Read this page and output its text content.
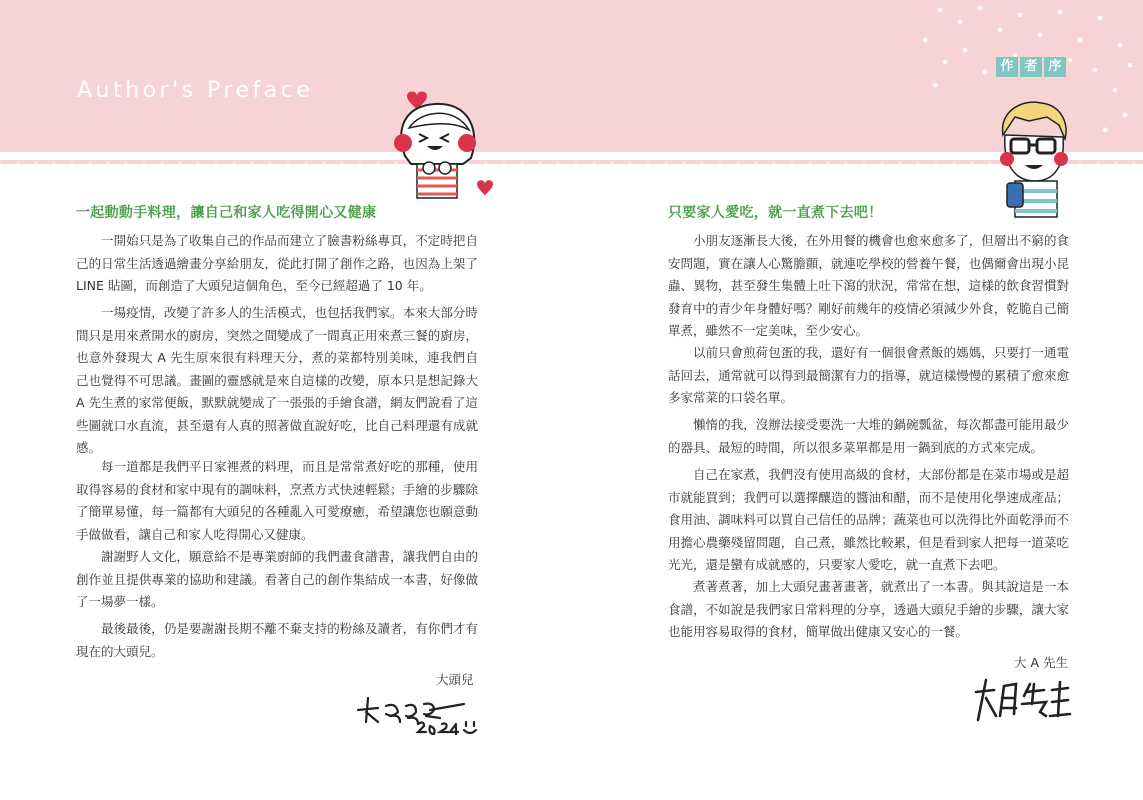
Author's Preface
作 者 序
一起動動手料理，讓自己和家人吃得開心又健康

一開始只是為了收集自己的作品而建立了臉書粉絲專頁，不定時把自己的日常生活透過繪畫分享給朋友，從此打開了創作之路，也因為上架了 LINE 貼圖，而創造了大頭兒這個角色，至今已經超過了 10 年。

一場疫情，改變了許多人的生活模式，也包括我們家。本來大部分時間只是用來煮開水的廚房，突然之間變成了一間真正用來煮三餐的廚房，也意外發現大 A 先生原來很有料理天分，煮的菜都特別美味，連我們自己也覺得不可思議。畫圖的靈感就是來自這樣的改變，原本只是想記錄大 A 先生煮的家常便飯，默默就變成了一張張的手繪食譜，網友們說看了這些圖就口水直流，甚至還有人真的照著做直說好吃，比自己料理還有成就感。

每一道都是我們平日家裡煮的料理，而且是常常煮好吃的那種，使用取得容易的食材和家中現有的調味料，烹煮方式快速輕鬆；手繪的步驟除了簡單易懂，每一篇都有大頭兒的各種亂入可愛療癒，希望讓您也願意動手做做看，讓自己和家人吃得開心又健康。

謝謝野人文化，願意給不是專業廚師的我們畫食譜書，讓我們自由的創作並且提供專業的協助和建議。看著自己的創作集結成一本書，好像做了一場夢一樣。

最後最後，仍是要謝謝長期不離不棄支持的粉絲及讀者，有你們才有現在的大頭兒。

大頭兒
只要家人愛吃，就一直煮下去吧！

小朋友逐漸長大後，在外用餐的機會也愈來愈多了，但層出不窮的食安問題，實在讓人心驚膽顫，就連吃學校的營養午餐，也偶爾會出現小昆蟲、異物，甚至發生集體上吐下瀉的狀況，常常在想，這樣的飲食習慣對發育中的青少年身體好嗎？剛好前幾年的疫情必須減少外食，乾脆自己簡單煮，雖然不一定美味，至少安心。

以前只會煎荷包蛋的我，還好有一個很會煮飯的媽媽，只要打一通電話回去，通常就可以得到最簡潔有力的指導，就這樣慢慢的累積了愈來愈多家常菜的口袋名單。

懶惰的我，沒辦法接受要洗一大堆的鍋碗瓢盆，每次都盡可能用最少的器具、最短的時間，所以很多菜單都是用一鍋到底的方式來完成。

自己在家煮，我們沒有使用高級的食材，大部份都是在菜市場或是超市就能買到；我們可以選擇釀造的醬油和醋，而不是使用化學速成產品；食用油、調味料可以買自己信任的品牌；蔬菜也可以洗得比外面乾淨而不用擔心農藥殘留問題，自己煮，雖然比較累，但是看到家人把每一道菜吃光光，還是蠻有成就感的，只要家人愛吃，就一直煮下去吧。

煮著煮著，加上大頭兒畫著畫著，就煮出了一本書。與其說這是一本食譜，不如說是我們家日常料理的分享，透過大頭兒手繪的步驟，讓大家也能用容易取得的食材，簡單做出健康又安心的一餐。

大 A 先生
